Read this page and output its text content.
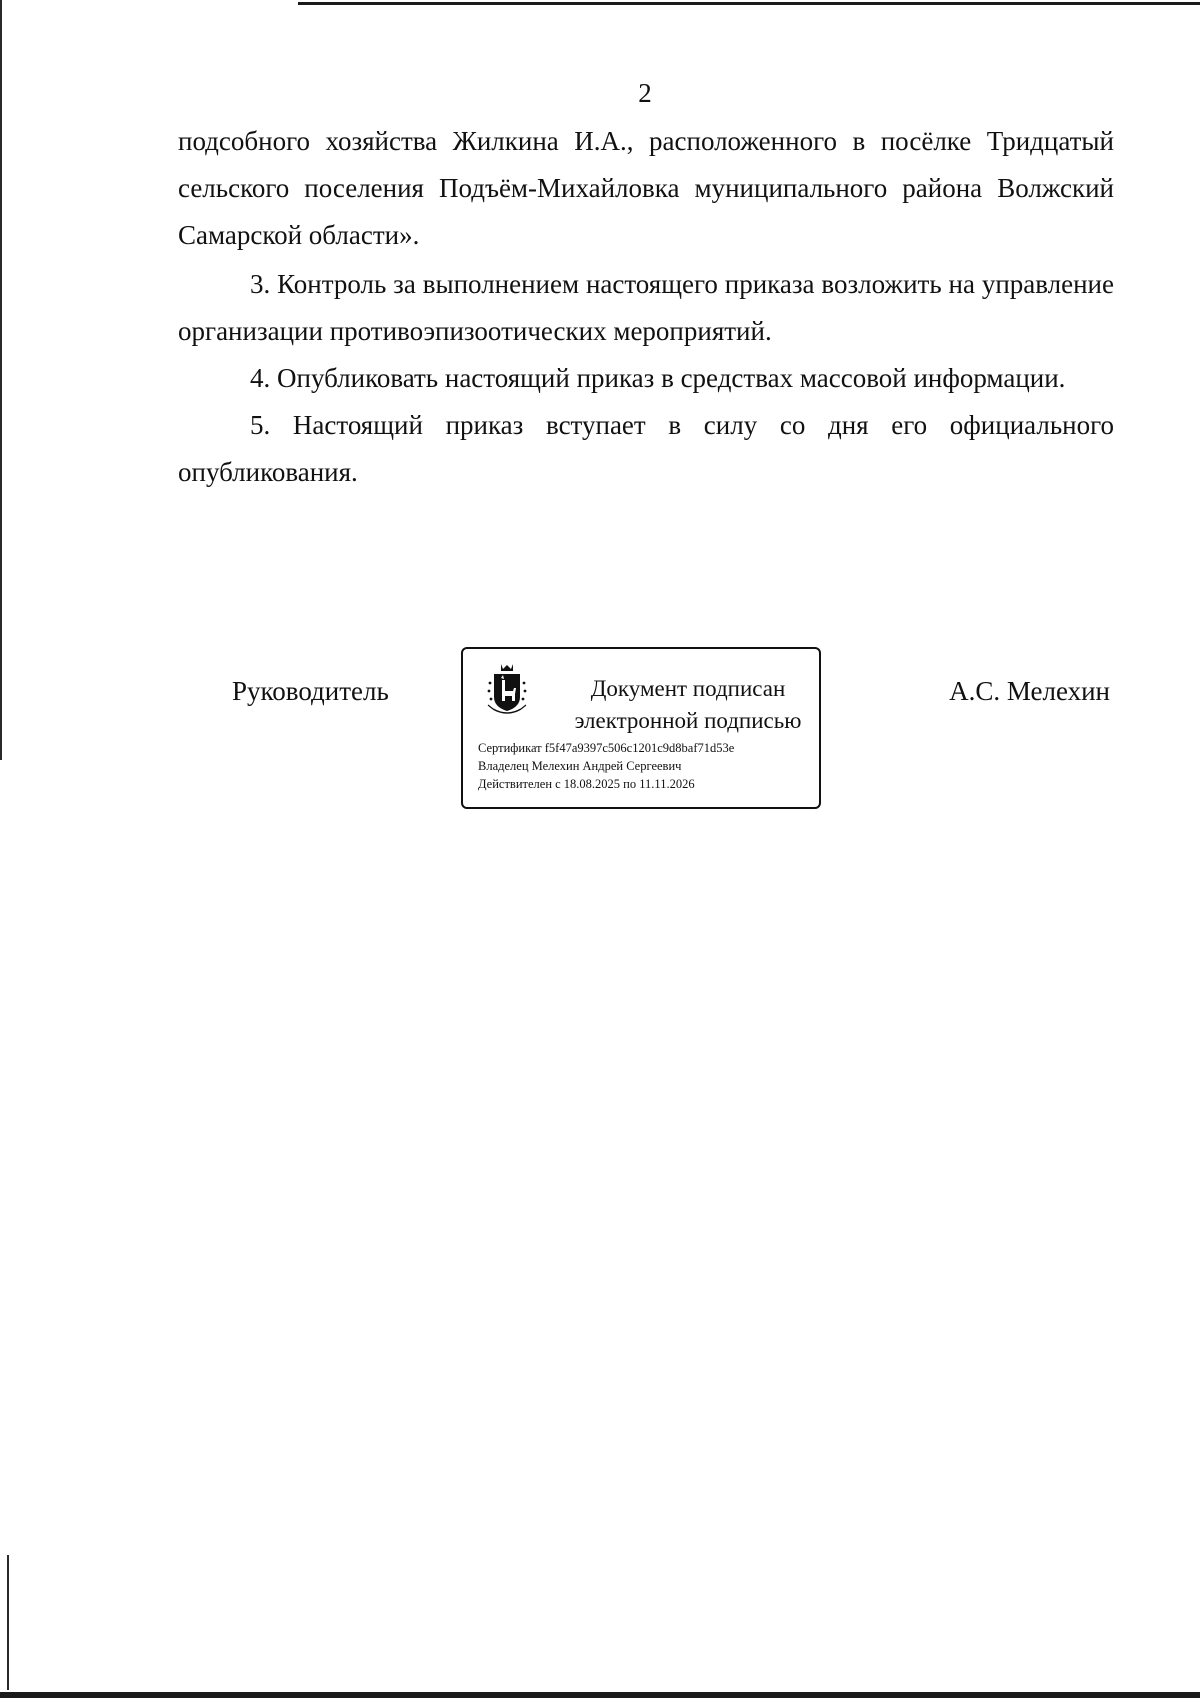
2

подсобного хозяйства Жилкина И.А., расположенного в посёлке Тридцатый сельского поселения Подъём-Михайловка муниципального района Волжский Самарской области».

3. Контроль за выполнением настоящего приказа возложить на управление организации противоэпизоотических мероприятий.

4. Опубликовать настоящий приказ в средствах массовой информации.

5. Настоящий приказ вступает в силу со дня его официального опубликования.

Руководитель	Документ подписан
электронной подписью
Сертификат f5f47a9397c506c1201c9d8baf71d53e
Владелец Мелехин Андрей Сергеевич
Действителен с 18.08.2025 по 11.11.2026
А.С. Мелехин
